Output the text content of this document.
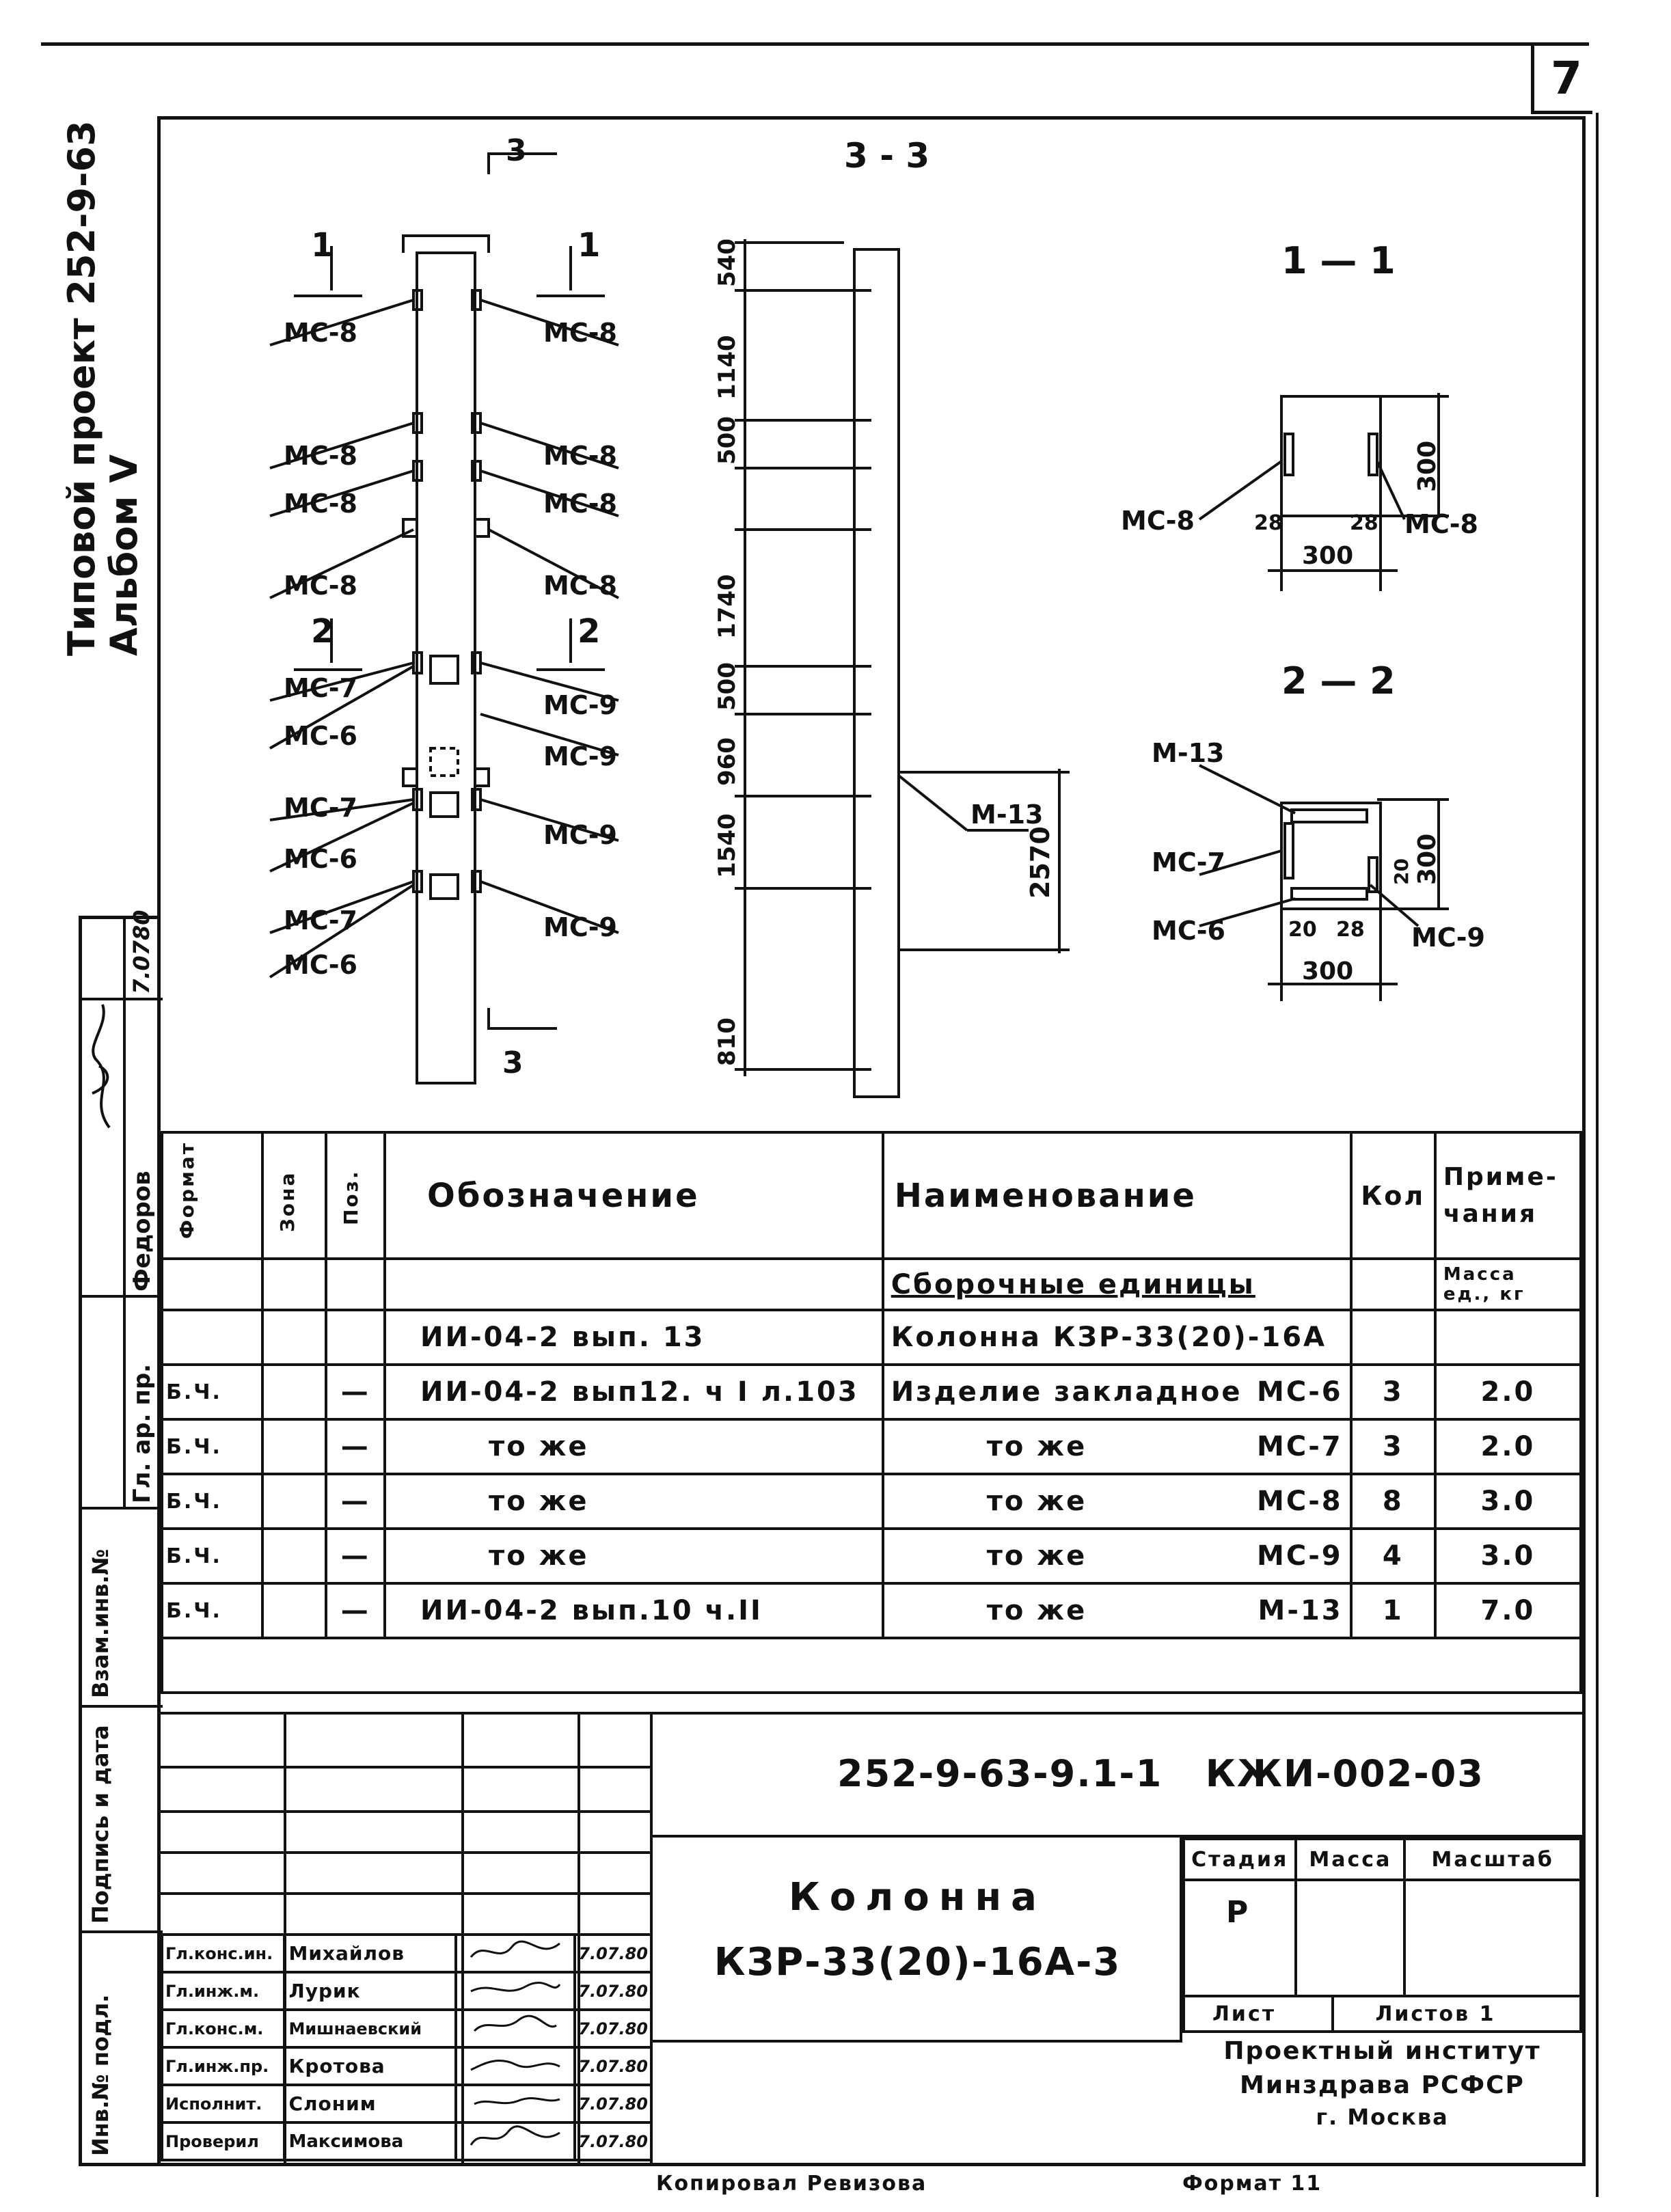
7
Типовой проект 252-9-63 Альбом V
7.0780
Федоров
Гл. ар. пр.
Взам.инв.№
Подпись и дата
Инв.№ подл.
3
3
1	1
2	2
МС-8
МС-8
МС-8
МС-8
МС-7
МС-6
МС-7
МС-6
МС-7
МС-6
МС-8
МС-8
МС-8
МС-8
МС-9
МС-9
МС-9
МС-9
3 - 3
540
1140
500
1740
500
960
1540
810
М-13
2570
1 — 1
МС-8	МС-8
28	28
300
300
2 — 2
М-13
МС-7
МС-6	МС-9
20
20 28
300
300
Формат	Зона	Поз.	Обозначение	Наименование	Кол	Приме-чания
				Сборочные единицы		Масса ед., кг
			ИИ-04-2 вып. 13	Колонна КЗР-33(20)-16А

Б.Ч.		—	ИИ-04-2 вып12. ч I л.103	Изделие закладное МС-6	3	2.0
Б.Ч.		—	то же	то же МС-7	3	2.0
Б.Ч.		—	то же	то же МС-8	8	3.0
Б.Ч.		—	то же	то же МС-9	4	3.0
Б.Ч.		—	ИИ-04-2 вып.10 ч.II	то же М-13	1	7.0

Гл.конс.ин.	Михайлов		7.07.80
Гл.инж.м.	Лурик		7.07.80
Гл.конс.м.	Мишнаевский		7.07.80
Гл.инж.пр.	Кротова		7.07.80
Исполнит.	Слоним		7.07.80
Проверил	Максимова		7.07.80
252-9-63-9.1-1   КЖИ-002-03
Колонна
КЗР-33(20)-16А-3
Стадия	Масса	Масштаб
Р		
Лист	Листов 1
Проектный институт
Минздрава РСФСР
г. Москва
Копировал Ревизова	Формат 11
